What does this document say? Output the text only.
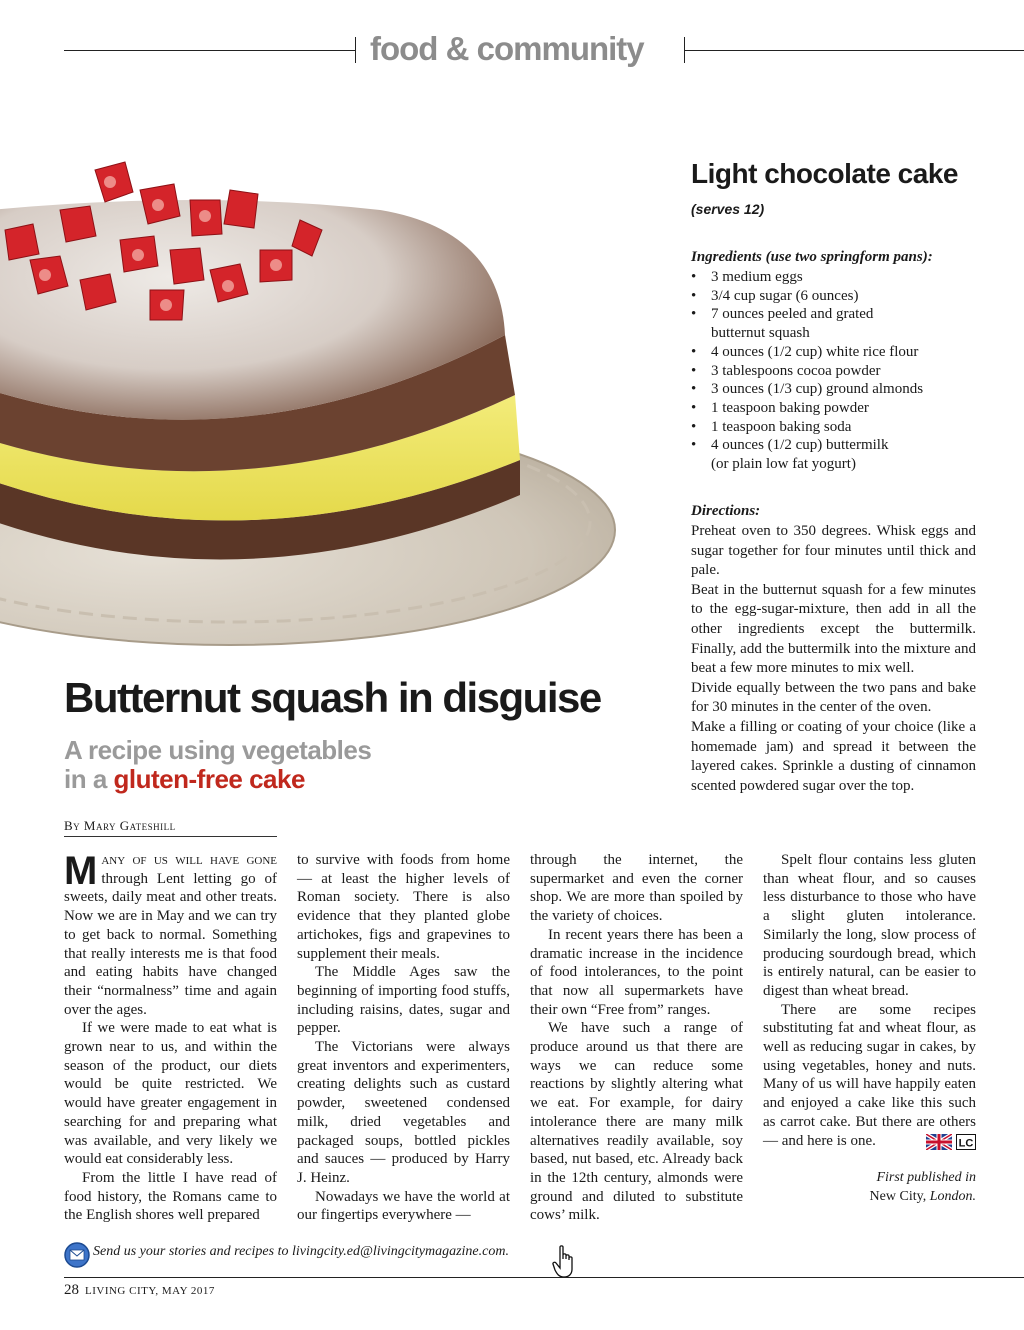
food & community
Light chocolate cake
(serves 12)
Ingredients (use two springform pans):
• 3 medium eggs
• 3/4 cup sugar (6 ounces)
• 7 ounces peeled and grated
butternut squash
• 4 ounces (1/2 cup) white rice flour
• 3 tablespoons cocoa powder
• 3 ounces (1/3 cup) ground almonds
• 1 teaspoon baking powder
• 1 teaspoon baking soda
• 4 ounces (1/2 cup) buttermilk
(or plain low fat yogurt)
Directions:

Preheat oven to 350 degrees. Whisk eggs and sugar together for four minutes until thick and pale.

Beat in the butternut squash for a few minutes to the egg-sugar-mixture, then add in all the other ingredients except the buttermilk. Finally, add the buttermilk into the mixture and beat a few more minutes to mix well.

Divide equally between the two pans and bake for 30 minutes in the center of the oven.

Make a filling or coating of your choice (like a homemade jam) and spread it between the layered cakes. Sprinkle a dusting of cinnamon scented powdered sugar over the top.

Butternut squash in disguise
A recipe using vegetables
in a gluten-free cake
By Mary Gateshill

Many of us will have gone through Lent letting go of sweets, daily meat and other treats. Now we are in May and we can try to get back to normal. Something that really interests me is that food and eating habits have changed their “normalness” time and again over the ages.

If we were made to eat what is grown near to us, and within the season of the product, our diets would be quite restricted. We would have greater engagement in searching for and preparing what was available, and very likely we would eat considerably less.

From the little I have read of food history, the Romans came to the English shores well prepared

to survive with foods from home — at least the higher levels of Roman society. There is also evidence that they planted globe artichokes, figs and grapevines to supplement their meals.

The Middle Ages saw the beginning of importing food stuffs, including raisins, dates, sugar and pepper.

The Victorians were always great inventors and experimenters, creating delights such as custard powder, sweetened condensed milk, dried vegetables and packaged soups, bottled pickles and sauces — produced by Harry J. Heinz.

Nowadays we have the world at our fingertips everywhere —

through the internet, the supermarket and even the corner shop. We are more than spoiled by the variety of choices.

In recent years there has been a dramatic increase in the incidence of food intolerances, to the point that now all supermarkets have their own “Free from” ranges.

We have such a range of produce around us that there are ways we can reduce some reactions by slightly altering what we eat. For example, for dairy intolerance there are many milk alternatives readily available, soy based, nut based, etc. Already back in the 12th century, almonds were ground and diluted to substitute cows’ milk.

Spelt flour contains less gluten than wheat flour, and so causes less disturbance to those who have a slight gluten intolerance. Similarly the long, slow process of producing sourdough bread, which is entirely natural, can be easier to digest than wheat bread.

There are some recipes substituting fat and wheat flour, as well as reducing sugar in cakes, by using vegetables, honey and nuts. Many of us will have happily eaten and enjoyed a cake like this such as carrot cake. But there are others — and here is one.	LC

First published in
New City, London.
Send us your stories and recipes to livingcity.ed@livingcitymagazine.com.
28 LIVING CITY, MAY 2017
